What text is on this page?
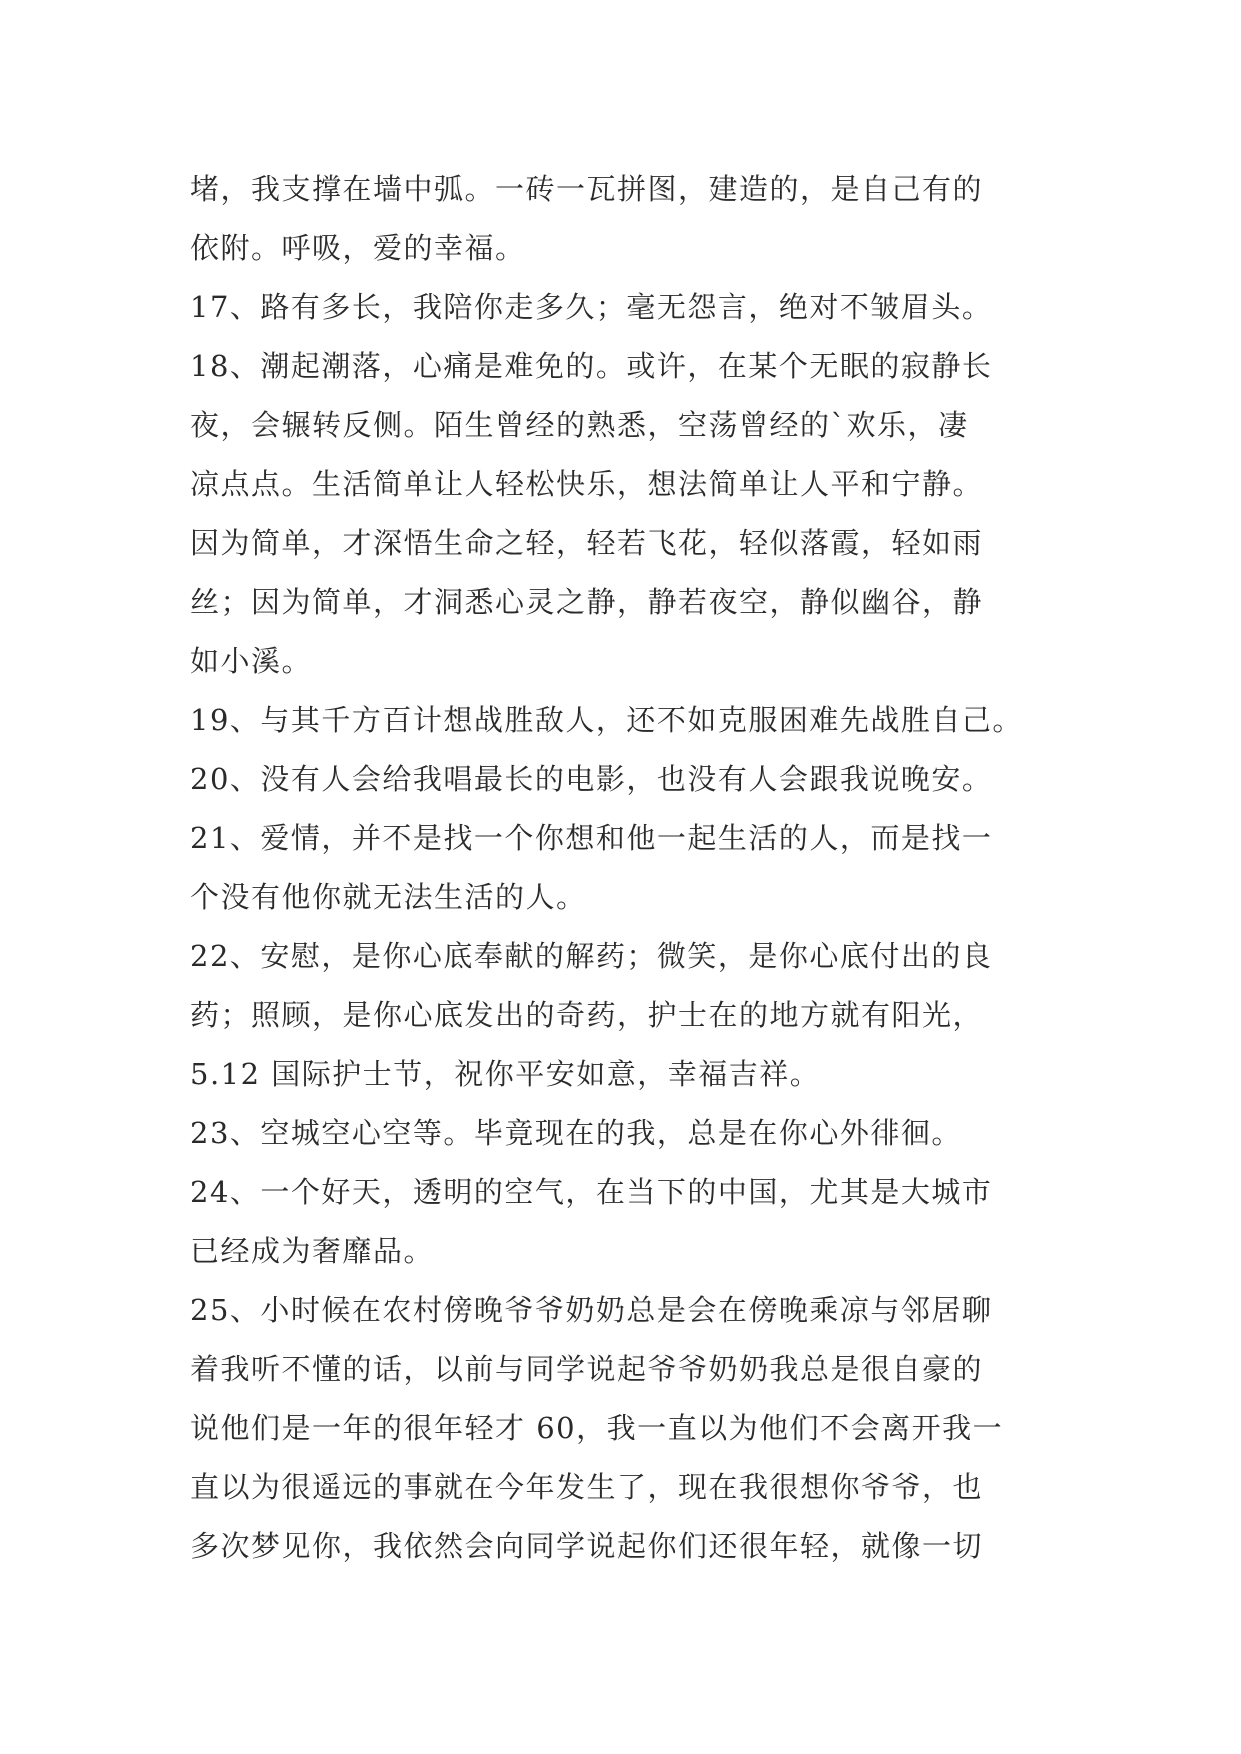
堵，我支撑在墙中弧。一砖一瓦拼图，建造的，是自己有的
依附。呼吸，爱的幸福。
17、路有多长，我陪你走多久；毫无怨言，绝对不皱眉头。
18、潮起潮落，心痛是难免的。或许，在某个无眠的寂静长
夜，会辗转反侧。陌生曾经的熟悉，空荡曾经的`欢乐，凄
凉点点。生活简单让人轻松快乐，想法简单让人平和宁静。
因为简单，才深悟生命之轻，轻若飞花，轻似落霞，轻如雨
丝；因为简单，才洞悉心灵之静，静若夜空，静似幽谷，静
如小溪。
19、与其千方百计想战胜敌人，还不如克服困难先战胜自己。
20、没有人会给我唱最长的电影，也没有人会跟我说晚安。
21、爱情，并不是找一个你想和他一起生活的人，而是找一
个没有他你就无法生活的人。
22、安慰，是你心底奉献的解药；微笑，是你心底付出的良
药；照顾，是你心底发出的奇药，护士在的地方就有阳光，
5.12 国际护士节，祝你平安如意，幸福吉祥。
23、空城空心空等。毕竟现在的我，总是在你心外徘徊。
24、一个好天，透明的空气，在当下的中国，尤其是大城市
已经成为奢靡品。
25、小时候在农村傍晚爷爷奶奶总是会在傍晚乘凉与邻居聊
着我听不懂的话，以前与同学说起爷爷奶奶我总是很自豪的
说他们是一年的很年轻才 60，我一直以为他们不会离开我一
直以为很遥远的事就在今年发生了，现在我很想你爷爷，也
多次梦见你，我依然会向同学说起你们还很年轻，就像一切
